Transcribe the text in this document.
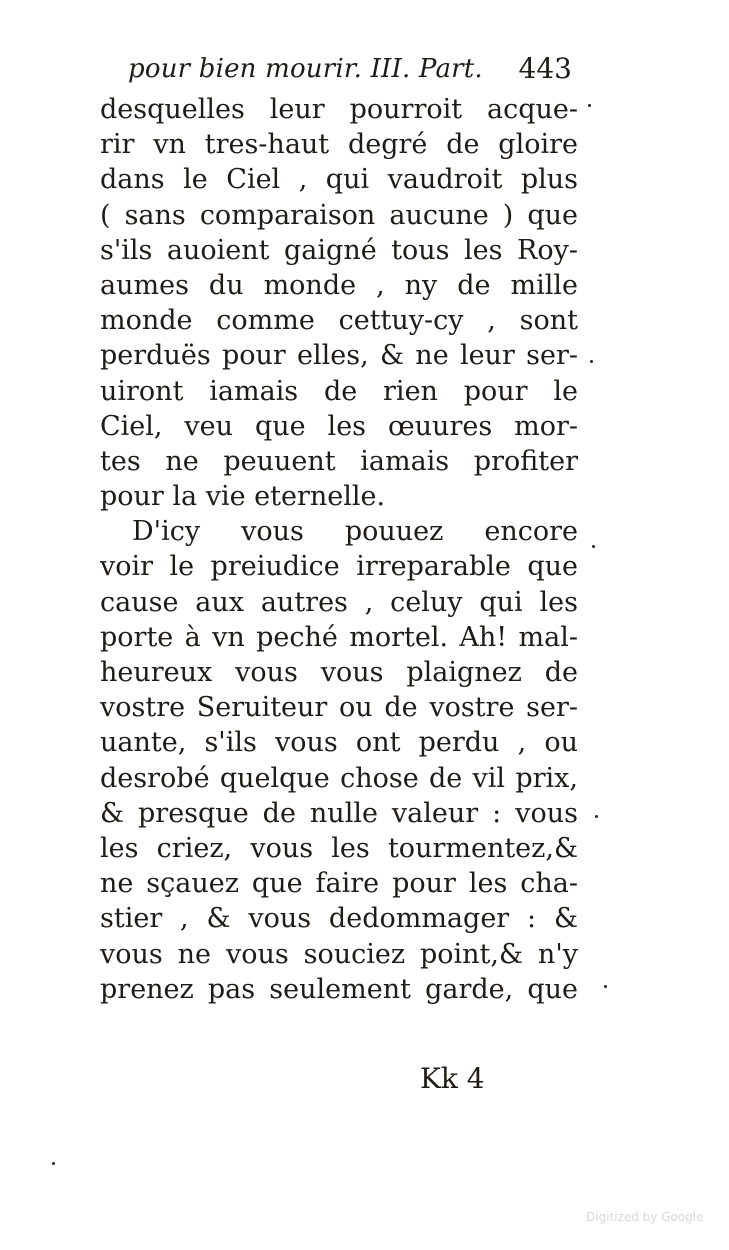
pour bien mourir. III. Part. 443
desquelles leur pourroit acque-
rir vn tres-haut degré de gloire
dans le Ciel , qui vaudroit plus
( sans comparaison aucune ) que
s'ils auoient gaigné tous les Roy-
aumes du monde , ny de mille
monde comme cettuy-cy , sont
perduës pour elles, & ne leur ser-
uiront iamais de rien pour le
Ciel, veu que les œuures mor-
tes ne peuuent iamais profiter
pour la vie eternelle.
D'icy vous pouuez encore
voir le preiudice irreparable que
cause aux autres , celuy qui les
porte à vn peché mortel. Ah! mal-
heureux vous vous plaignez de
vostre Seruiteur ou de vostre ser-
uante, s'ils vous ont perdu , ou
desrobé quelque chose de vil prix,
& presque de nulle valeur : vous
les criez, vous les tourmentez,&
ne sçauez que faire pour les cha-
stier , & vous dedommager : &
vous ne vous souciez point,& n'y
prenez pas seulement garde, que
Kk 4
Digitized by Google
